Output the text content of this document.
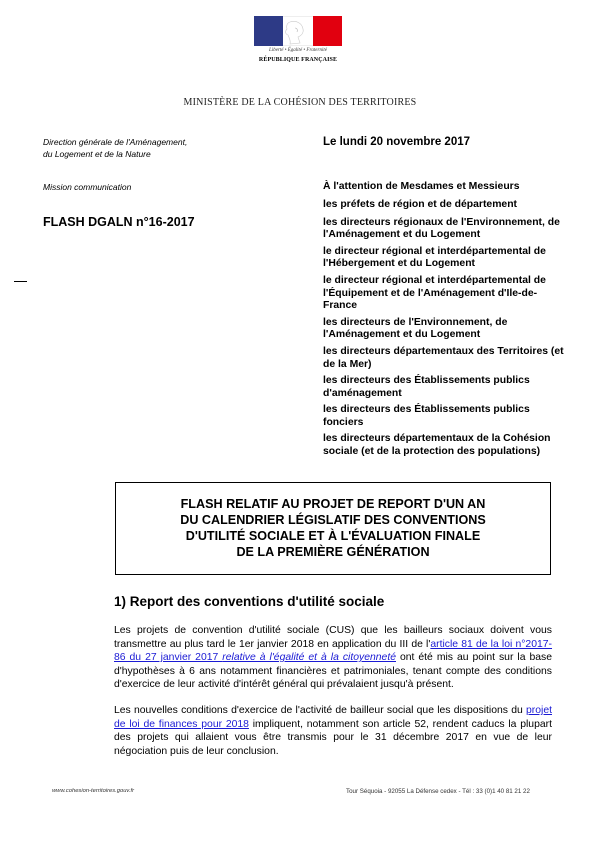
Liberté • Égalité • Fraternité
RÉPUBLIQUE FRANÇAISE
MINISTÈRE DE LA COHÉSION DES TERRITOIRES
Direction générale de l'Aménagement,
du Logement et de la Nature
Mission communication
FLASH DGALN n°16-2017
Le lundi 20 novembre 2017
À l'attention de Mesdames et Messieurs
les préfets de région et de département
les directeurs régionaux de l'Environnement, de l'Aménagement et du Logement
le directeur régional et interdépartemental de l'Hébergement et du Logement
le directeur régional et interdépartemental de l'Équipement et de l'Aménagement d'Ile-de-France
les directeurs de l'Environnement, de l'Aménagement et du Logement
les directeurs départementaux des Territoires (et de la Mer)
les directeurs des Établissements publics d'aménagement
les directeurs des Établissements publics fonciers
les directeurs départementaux de la Cohésion sociale (et de la protection des populations)
FLASH RELATIF AU PROJET DE REPORT D'UN AN
DU CALENDRIER LÉGISLATIF DES CONVENTIONS
D'UTILITÉ SOCIALE ET À L'ÉVALUATION FINALE
DE LA PREMIÈRE GÉNÉRATION
1) Report des conventions d'utilité sociale

Les projets de convention d'utilité sociale (CUS) que les bailleurs sociaux doivent vous transmettre au plus tard le 1er janvier 2018 en application du III de l'article 81 de la loi n°2017-86 du 27 janvier 2017 relative à l'égalité et à la citoyenneté ont été mis au point sur la base d'hypothèses à 6 ans notamment financières et patrimoniales, tenant compte des conditions d'exercice de leur activité d'intérêt général qui prévalaient jusqu'à présent.

Les nouvelles conditions d'exercice de l'activité de bailleur social que les dispositions du projet de loi de finances pour 2018 impliquent, notamment son article 52, rendent caducs la plupart des projets qui allaient vous être transmis pour le 31 décembre 2017 en vue de leur négociation puis de leur conclusion.

www.cohesion-territoires.gouv.fr	Tour Séquoia - 92055 La Défense cedex - Tél : 33 (0)1 40 81 21 22
